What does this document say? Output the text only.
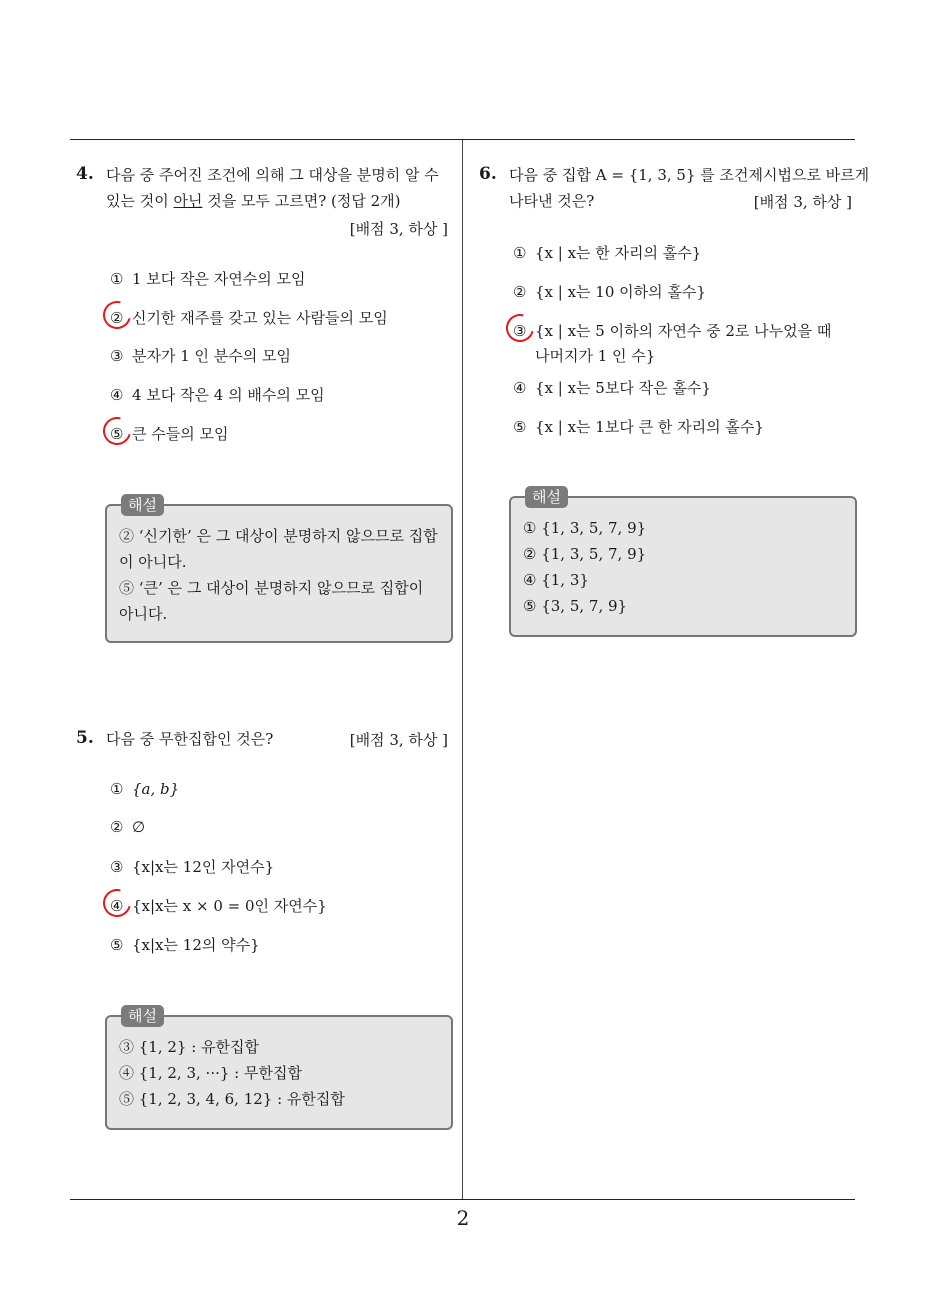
2
4. 다음 중 주어진 조건에 의해 그 대상을 분명히 알 수
있는 것이 아닌 것을 모두 고르면? (정답 2개)
[배점 3, 하상 ]
① 1 보다 작은 자연수의 모임
② 신기한 재주를 갖고 있는 사람들의 모임
③ 분자가 1 인 분수의 모임
④ 4 보다 작은 4 의 배수의 모임
⑤ 큰 수들의 모임
해설
② ‘신기한’ 은 그 대상이 분명하지 않으므로 집합
이 아니다.
⑤ ‘큰’ 은 그 대상이 분명하지 않으므로 집합이
아니다.
5. 다음 중 무한집합인 것은?	[배점 3, 하상 ]
① {a, b}
② ∅
③ {x|x는 12인 자연수}
④ {x|x는 x × 0 = 0인 자연수}
⑤ {x|x는 12의 약수}
해설
③ {1, 2} : 유한집합
④ {1, 2, 3, ···} : 무한집합
⑤ {1, 2, 3, 4, 6, 12} : 유한집합
6. 다음 중 집합 A = {1, 3, 5} 를 조건제시법으로 바르게
나타낸 것은?	[배점 3, 하상 ]
① {x | x는 한 자리의 홀수}
② {x | x는 10 이하의 홀수}
③ {x | x는 5 이하의 자연수 중 2로 나누었을 때
나머지가 1 인 수}
④ {x | x는 5보다 작은 홀수}
⑤ {x | x는 1보다 큰 한 자리의 홀수}
해설
① {1, 3, 5, 7, 9}
② {1, 3, 5, 7, 9}
④ {1, 3}
⑤ {3, 5, 7, 9}
